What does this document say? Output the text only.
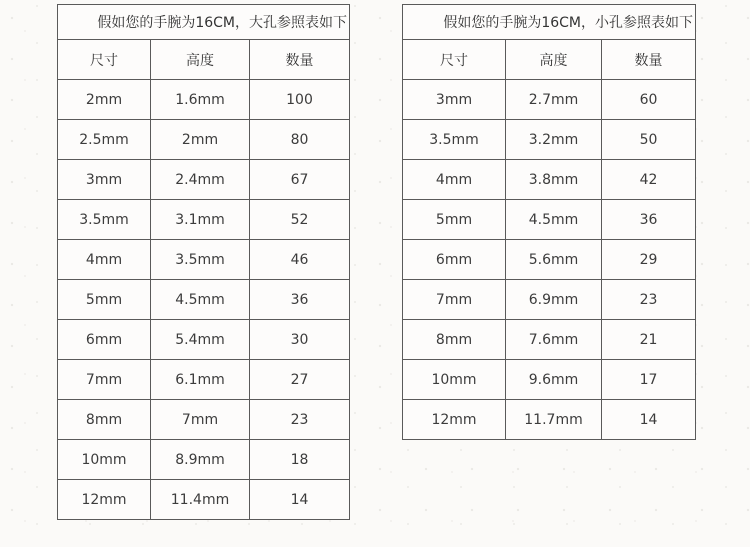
假如您的手腕为16CM，大孔参照表如下		
尺寸	高度	数量
2mm	1.6mm	100
2.5mm	2mm	80
3mm	2.4mm	67
3.5mm	3.1mm	52
4mm	3.5mm	46
5mm	4.5mm	36
6mm	5.4mm	30
7mm	6.1mm	27
8mm	7mm	23
10mm	8.9mm	18
12mm	11.4mm	14
假如您的手腕为16CM，小孔参照表如下		
尺寸	高度	数量
3mm	2.7mm	60
3.5mm	3.2mm	50
4mm	3.8mm	42
5mm	4.5mm	36
6mm	5.6mm	29
7mm	6.9mm	23
8mm	7.6mm	21
10mm	9.6mm	17
12mm	11.7mm	14
